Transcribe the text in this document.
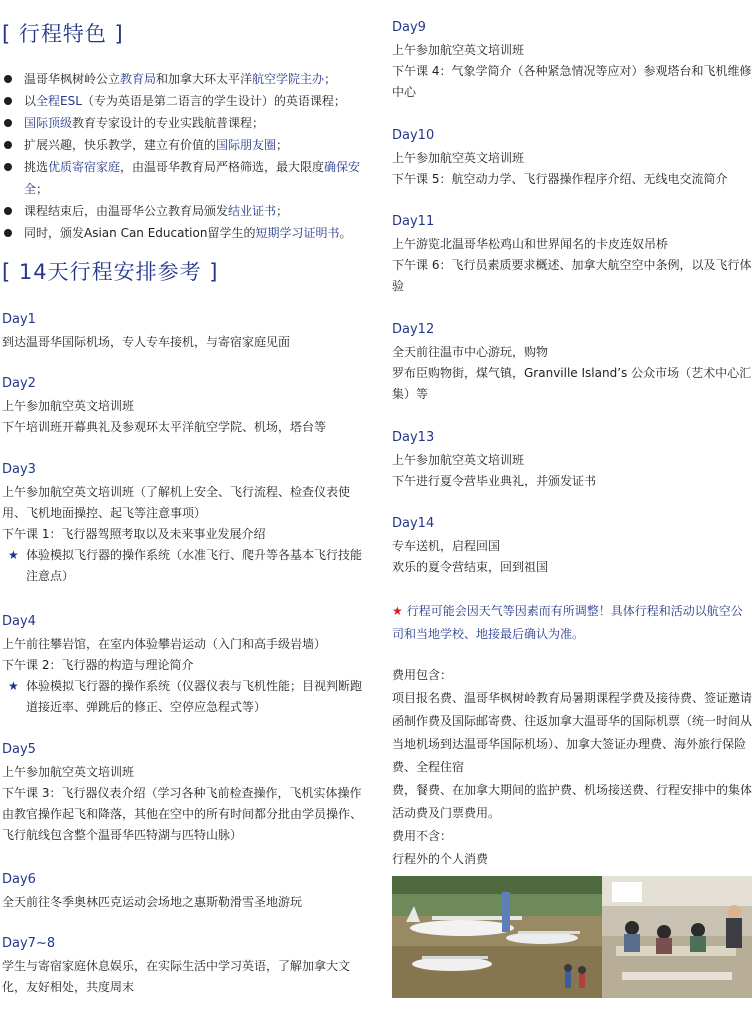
[ 行程特色 ]
温哥华枫树岭公立教育局和加拿大环太平洋航空学院主办；
以全程ESL（专为英语是第二语言的学生设计）的英语课程；
国际顶级教育专家设计的专业实践航普课程；
扩展兴趣，快乐教学，建立有价值的国际朋友圈；
挑选优质寄宿家庭，由温哥华教育局严格筛选，最大限度确保安全；
课程结束后，由温哥华公立教育局颁发结业证书；
同时，颁发Asian Can Education留学生的短期学习证明书。
[ 14天行程安排参考 ]
Day1
到达温哥华国际机场，专人专车接机，与寄宿家庭见面
Day2
上午参加航空英文培训班
下午培训班开幕典礼及参观环太平洋航空学院、机场，塔台等
Day3
上午参加航空英文培训班（了解机上安全、飞行流程、检查仪表使用、飞机地面操控、起飞等注意事项）
下午课 1：飞行器驾照考取以及未来事业发展介绍
★ 体验模拟飞行器的操作系统（水准飞行、爬升等各基本飞行技能注意点）
Day4
上午前往攀岩馆，在室内体验攀岩运动（入门和高手级岩墙）
下午课 2：飞行器的构造与理论简介
★ 体验模拟飞行器的操作系统（仪器仪表与飞机性能；目视判断跑道接近率、弹跳后的修正、空停应急程式等）
Day5
上午参加航空英文培训班
下午课 3：飞行器仪表介绍（学习各种飞前检查操作，飞机实体操作由教官操作起飞和降落，其他在空中的所有时间都分批由学员操作、飞行航线包含整个温哥华匹特湖与匹特山脉）
Day6
全天前往冬季奥林匹克运动会场地之惠斯勒滑雪圣地游玩
Day7~8
学生与寄宿家庭休息娱乐，在实际生活中学习英语，了解加拿大文化，友好相处，共度周末
Day9
上午参加航空英文培训班
下午课 4：气象学简介（各种紧急情况等应对）参观塔台和飞机维修中心
Day10
上午参加航空英文培训班
下午课 5：航空动力学、飞行器操作程序介绍、无线电交流简介
Day11
上午游览北温哥华松鸡山和世界闻名的卡皮连奴吊桥
下午课 6：飞行员素质要求概述、加拿大航空空中条例，以及飞行体验
Day12
全天前往温市中心游玩，购物
罗布臣购物街，煤气镇，Granville Island’s 公众市场（艺术中心汇集）等
Day13
上午参加航空英文培训班
下午进行夏令营毕业典礼，并颁发证书
Day14
专车送机，启程回国
欢乐的夏令营结束，回到祖国
★ 行程可能会因天气等因素而有所调整！具体行程和活动以航空公司和当地学校、地接最后确认为准。
费用包含：
项目报名费、温哥华枫树岭教育局暑期课程学费及接待费、签证邀请函制作费及国际邮寄费、往返加拿大温哥华的国际机票（统一时间从当地机场到达温哥华国际机场）、加拿大签证办理费、海外旅行保险费、全程住宿
费，餐费、在加拿大期间的监护费、机场接送费、行程安排中的集体活动费及门票费用。
费用不含：
行程外的个人消费
